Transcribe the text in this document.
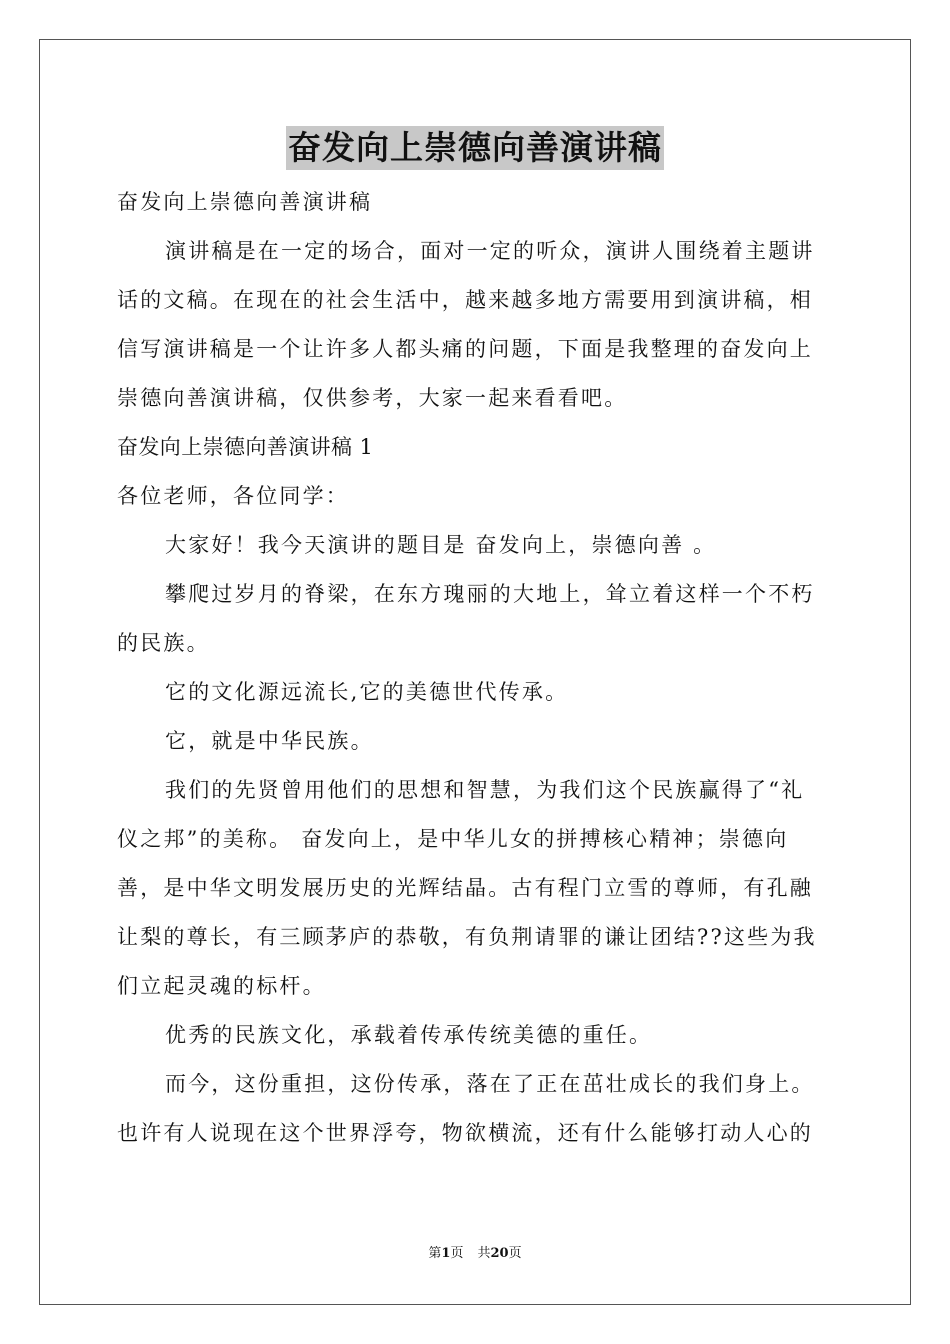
奋发向上崇德向善演讲稿
奋发向上崇德向善演讲稿
演讲稿是在一定的场合，面对一定的听众，演讲人围绕着主题讲
话的文稿。在现在的社会生活中，越来越多地方需要用到演讲稿，相
信写演讲稿是一个让许多人都头痛的问题，下面是我整理的奋发向上
崇德向善演讲稿，仅供参考，大家一起来看看吧。
奋发向上崇德向善演讲稿 1
各位老师，各位同学：
大家好！我今天演讲的题目是 奋发向上，崇德向善 。
攀爬过岁月的脊梁，在东方瑰丽的大地上，耸立着这样一个不朽
的民族。
它的文化源远流长,它的美德世代传承。
它，就是中华民族。
我们的先贤曾用他们的思想和智慧，为我们这个民族赢得了“礼
仪之邦”的美称。 奋发向上，是中华儿女的拼搏核心精神；崇德向
善，是中华文明发展历史的光辉结晶。古有程门立雪的尊师，有孔融
让梨的尊长，有三顾茅庐的恭敬，有负荆请罪的谦让团结??这些为我
们立起灵魂的标杆。
优秀的民族文化，承载着传承传统美德的重任。
而今，这份重担，这份传承，落在了正在茁壮成长的我们身上。
也许有人说现在这个世界浮夸，物欲横流，还有什么能够打动人心的
第1页 共20页
